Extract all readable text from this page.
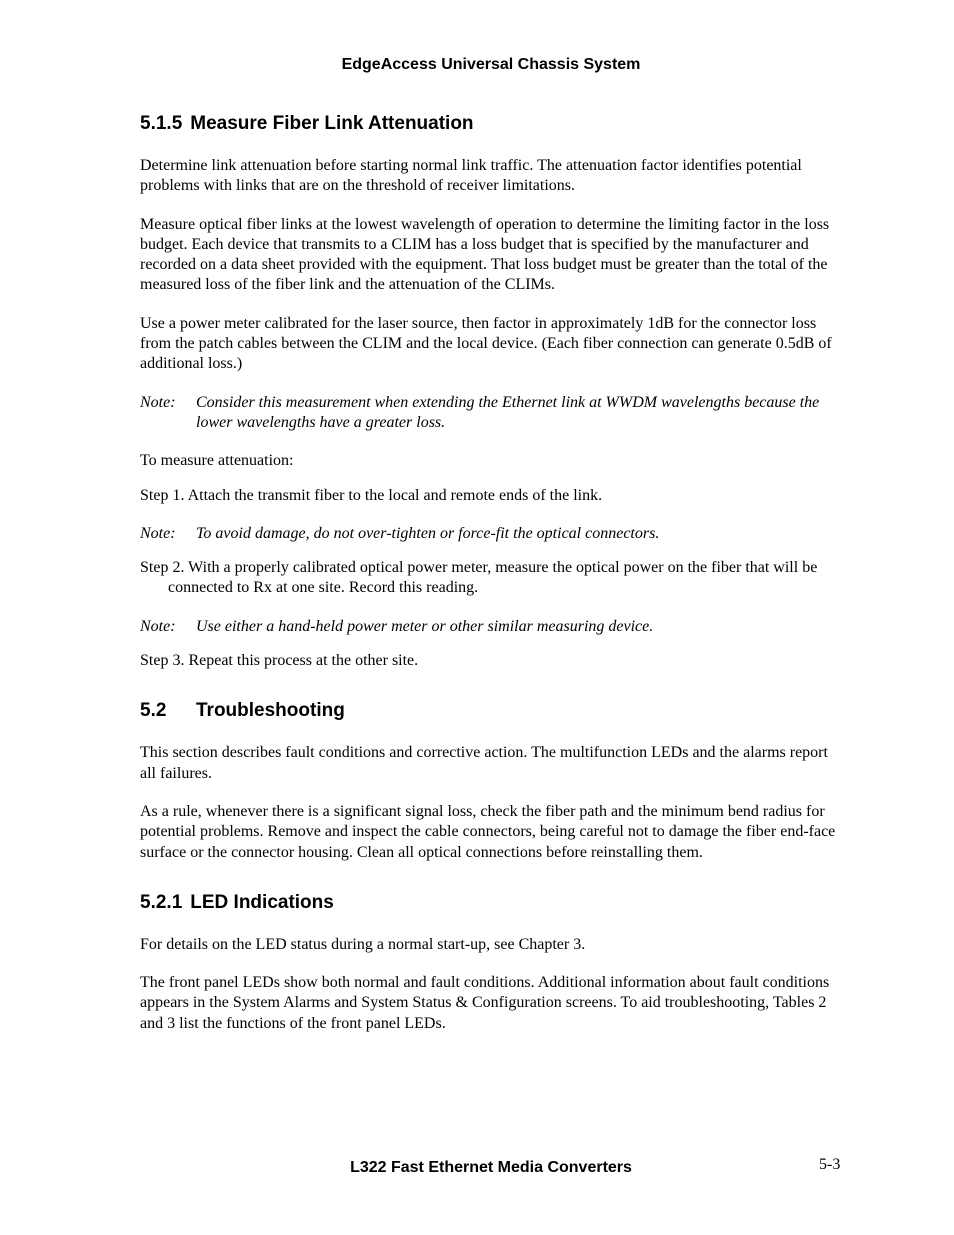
EdgeAccess Universal Chassis System
5.1.5 Measure Fiber Link Attenuation

Determine link attenuation before starting normal link traffic. The attenuation factor identifies potential problems with links that are on the threshold of receiver limitations.

Measure optical fiber links at the lowest wavelength of operation to determine the limiting factor in the loss budget. Each device that transmits to a CLIM has a loss budget that is specified by the manufacturer and recorded on a data sheet provided with the equipment. That loss budget must be greater than the total of the measured loss of the fiber link and the attenuation of the CLIMs.

Use a power meter calibrated for the laser source, then factor in approximately 1dB for the connector loss from the patch cables between the CLIM and the local device. (Each fiber connection can generate 0.5dB of additional loss.)

Note:	Consider this measurement when extending the Ethernet link at WWDM wavelengths because the lower wavelengths have a greater loss.

To measure attenuation:

Step 1. Attach the transmit fiber to the local and remote ends of the link.

Note:	To avoid damage, do not over-tighten or force-fit the optical connectors.

Step 2. With a properly calibrated optical power meter, measure the optical power on the fiber that will be connected to Rx at one site. Record this reading.

Note:	Use either a hand-held power meter or other similar measuring device.

Step 3. Repeat this process at the other site.

5.2 Troubleshooting

This section describes fault conditions and corrective action. The multifunction LEDs and the alarms report all failures.

As a rule, whenever there is a significant signal loss, check the fiber path and the minimum bend radius for potential problems. Remove and inspect the cable connectors, being careful not to damage the fiber end-face surface or the connector housing. Clean all optical connections before reinstalling them.

5.2.1 LED Indications

For details on the LED status during a normal start-up, see Chapter 3.

The front panel LEDs show both normal and fault conditions. Additional information about fault conditions appears in the System Alarms and System Status & Configuration screens. To aid troubleshooting, Tables 2 and 3 list the functions of the front panel LEDs.

L322 Fast Ethernet Media Converters	5-3
